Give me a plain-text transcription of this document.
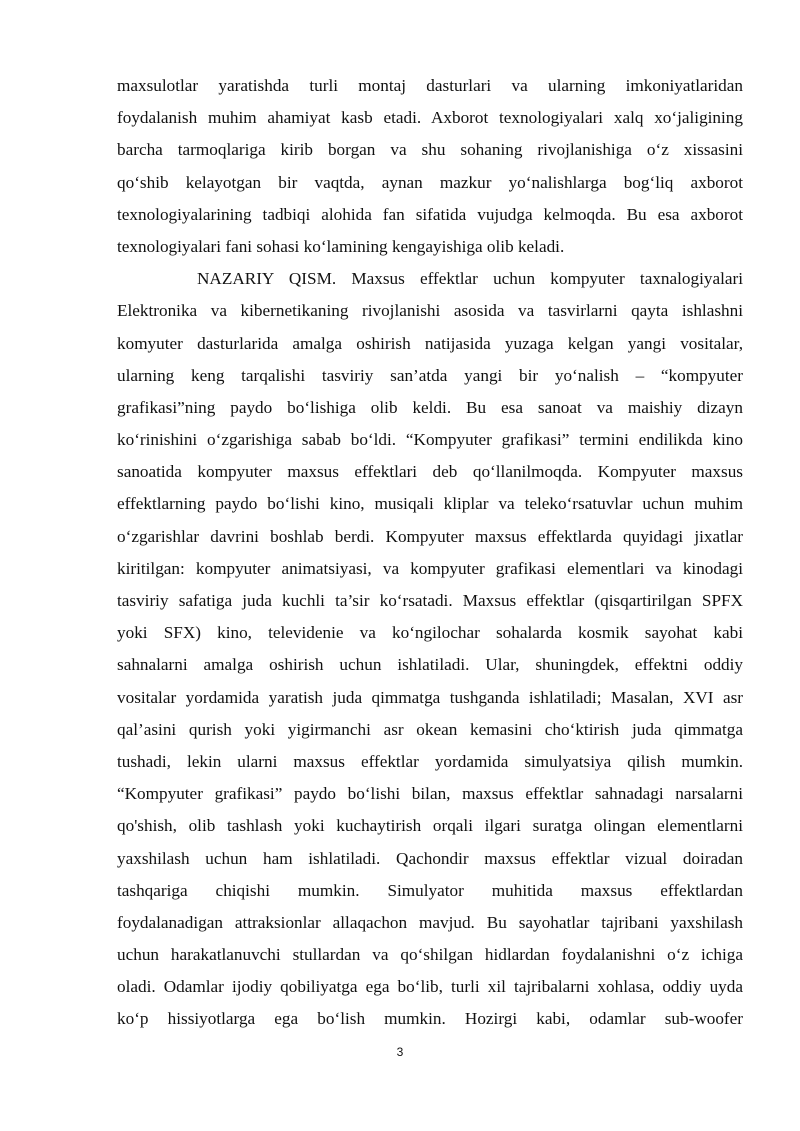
maxsulotlar yaratishda turli montaj dasturlari va ularning imkoniyatlaridan
foydalanish muhim ahamiyat kasb etadi. Axborot texnologiyalari xalq xo‘jaligining
barcha tarmoqlariga kirib borgan va shu sohaning rivojlanishiga o‘z xissasini
qo‘shib kelayotgan bir vaqtda, aynan mazkur yo‘nalishlarga bog‘liq axborot
texnologiyalarining tadbiqi alohida fan sifatida vujudga kelmoqda. Bu esa axborot
texnologiyalari fani sohasi ko‘lamining kengayishiga olib keladi.
NAZARIY QISM. Maxsus effektlar uchun kompyuter taxnalogiyalari
Elektronika va kibernetikaning rivojlanishi asosida va tasvirlarni qayta ishlashni
komyuter dasturlarida amalga oshirish natijasida yuzaga kelgan yangi vositalar,
ularning keng tarqalishi tasviriy san’atda yangi bir yo‘nalish – “kompyuter
grafikasi”ning paydo bo‘lishiga olib keldi. Bu esa sanoat va maishiy dizayn
ko‘rinishini o‘zgarishiga sabab bo‘ldi. “Kompyuter grafikasi” termini endilikda kino
sanoatida kompyuter maxsus effektlari deb qo‘llanilmoqda. Kompyuter maxsus
effektlarning paydo bo‘lishi kino, musiqali kliplar va teleko‘rsatuvlar uchun muhim
o‘zgarishlar davrini boshlab berdi. Kompyuter maxsus effektlarda quyidagi jixatlar
kiritilgan: kompyuter animatsiyasi, va kompyuter grafikasi elementlari va kinodagi
tasviriy safatiga juda kuchli ta’sir ko‘rsatadi. Maxsus effektlar (qisqartirilgan SPFX
yoki SFX) kino, televidenie va ko‘ngilochar sohalarda kosmik sayohat kabi
sahnalarni amalga oshirish uchun ishlatiladi. Ular, shuningdek, effektni oddiy
vositalar yordamida yaratish juda qimmatga tushganda ishlatiladi; Masalan, XVI asr
qal’asini qurish yoki yigirmanchi asr okean kemasini cho‘ktirish juda qimmatga
tushadi, lekin ularni maxsus effektlar yordamida simulyatsiya qilish mumkin.
“Kompyuter grafikasi” paydo bo‘lishi bilan, maxsus effektlar sahnadagi narsalarni
qo'shish, olib tashlash yoki kuchaytirish orqali ilgari suratga olingan elementlarni
yaxshilash uchun ham ishlatiladi. Qachondir maxsus effektlar vizual doiradan
tashqariga chiqishi mumkin. Simulyator muhitida maxsus effektlardan
foydalanadigan attraksionlar allaqachon mavjud. Bu sayohatlar tajribani yaxshilash
uchun harakatlanuvchi stullardan va qo‘shilgan hidlardan foydalanishni o‘z ichiga
oladi. Odamlar ijodiy qobiliyatga ega bo‘lib, turli xil tajribalarni xohlasa, oddiy uyda
ko‘p hissiyotlarga ega bo‘lish mumkin. Hozirgi kabi, odamlar sub-woofer
3
